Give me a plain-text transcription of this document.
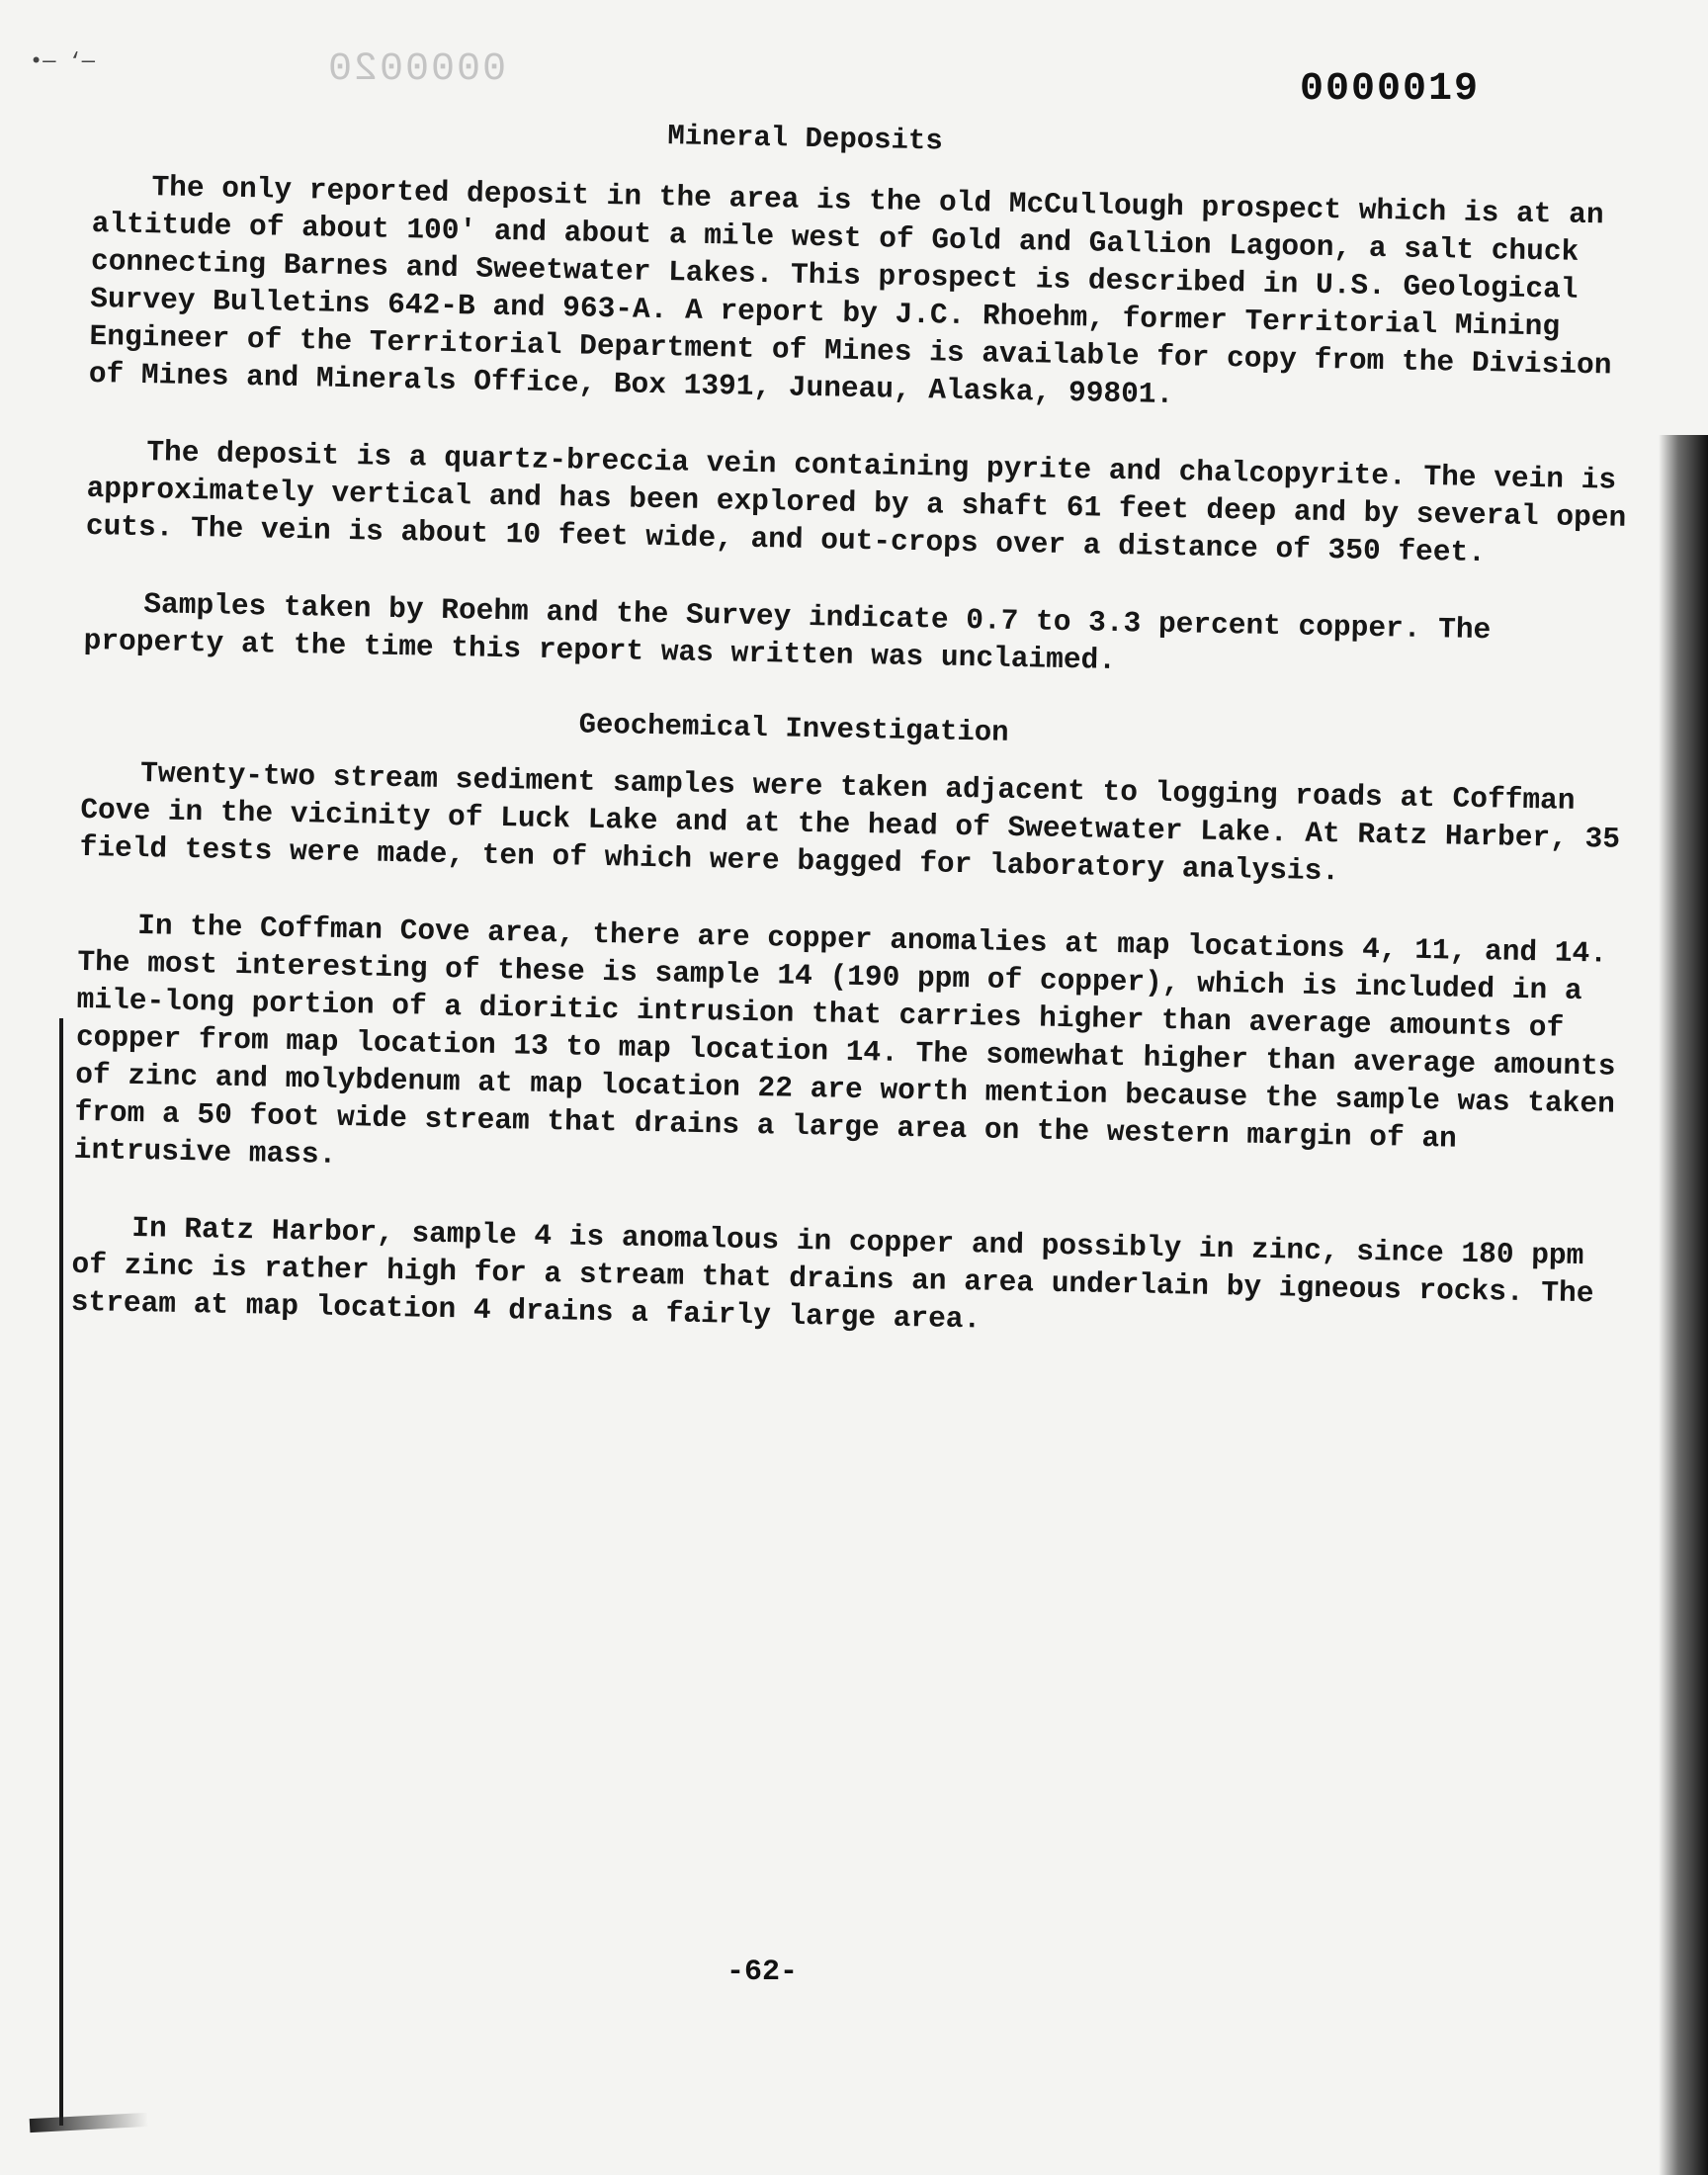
•— ‘—	0000020	0000019
Mineral Deposits

The only reported deposit in the area is the old McCullough prospect which is at an altitude of about 100' and about a mile west of Gold and Gallion Lagoon, a salt chuck connecting Barnes and Sweetwater Lakes. This prospect is described in U.S. Geological Survey Bulletins 642-B and 963-A. A report by J.C. Rhoehm, former Territorial Mining Engineer of the Territorial Department of Mines is available for copy from the Division of Mines and Minerals Office, Box 1391, Juneau, Alaska, 99801.

The deposit is a quartz-breccia vein containing pyrite and chalcopyrite. The vein is approximately vertical and has been explored by a shaft 61 feet deep and by several open cuts. The vein is about 10 feet wide, and out-crops over a distance of 350 feet.

Samples taken by Roehm and the Survey indicate 0.7 to 3.3 percent copper. The property at the time this report was written was unclaimed.

Geochemical Investigation

Twenty-two stream sediment samples were taken adjacent to logging roads at Coffman Cove in the vicinity of Luck Lake and at the head of Sweetwater Lake. At Ratz Harber, 35 field tests were made, ten of which were bagged for laboratory analysis.

In the Coffman Cove area, there are copper anomalies at map locations 4, 11, and 14. The most interesting of these is sample 14 (190 ppm of copper), which is included in a mile-long portion of a dioritic intrusion that carries higher than average amounts of copper from map location 13 to map location 14. The somewhat higher than average amounts of zinc and molybdenum at map location 22 are worth mention because the sample was taken from a 50 foot wide stream that drains a large area on the western margin of an intrusive mass.

In Ratz Harbor, sample 4 is anomalous in copper and possibly in zinc, since 180 ppm of zinc is rather high for a stream that drains an area underlain by igneous rocks. The stream at map location 4 drains a fairly large area.

-62-
